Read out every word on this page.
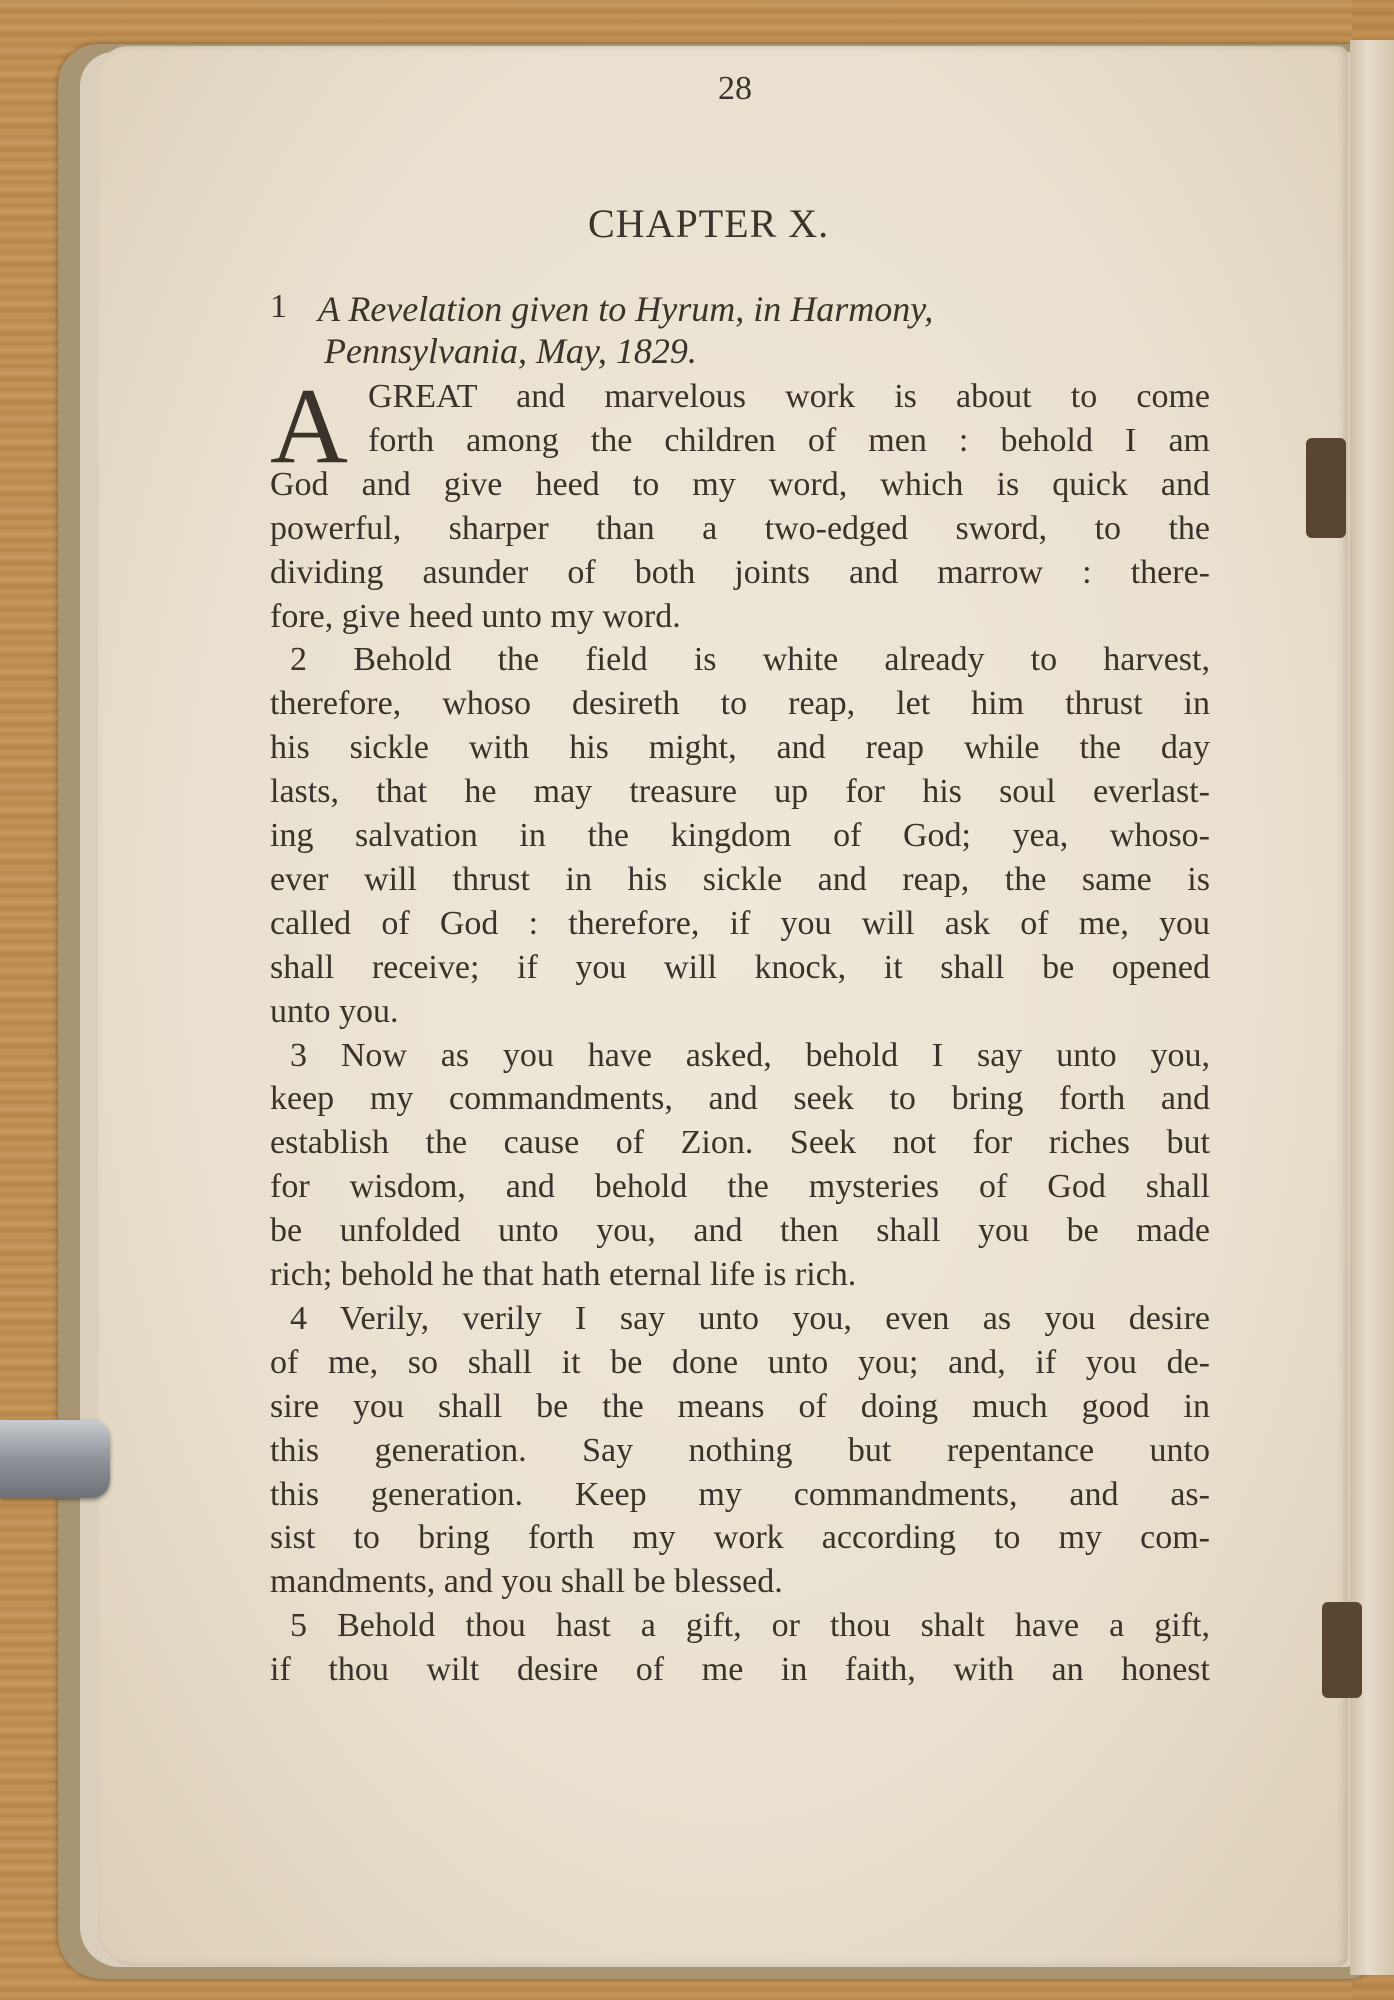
28
CHAPTER X.
1 A Revelation given to Hyrum, in Harmony,
Pennsylvania, May, 1829.
A GREAT and marvelous work is about to come
forth among the children of men : behold I am
God and give heed to my word, which is quick and
powerful, sharper than a two-edged sword, to the
dividing asunder of both joints and marrow : there-
fore, give heed unto my word.
2 Behold the field is white already to harvest,
therefore, whoso desireth to reap, let him thrust in
his sickle with his might, and reap while the day
lasts, that he may treasure up for his soul everlast-
ing salvation in the kingdom of God; yea, whoso-
ever will thrust in his sickle and reap, the same is
called of God : therefore, if you will ask of me, you
shall receive; if you will knock, it shall be opened
unto you.
3 Now as you have asked, behold I say unto you,
keep my commandments, and seek to bring forth and
establish the cause of Zion. Seek not for riches but
for wisdom, and behold the mysteries of God shall
be unfolded unto you, and then shall you be made
rich; behold he that hath eternal life is rich.
4 Verily, verily I say unto you, even as you desire
of me, so shall it be done unto you; and, if you de-
sire you shall be the means of doing much good in
this generation. Say nothing but repentance unto
this generation. Keep my commandments, and as-
sist to bring forth my work according to my com-
mandments, and you shall be blessed.
5 Behold thou hast a gift, or thou shalt have a gift,
if thou wilt desire of me in faith, with an honest
